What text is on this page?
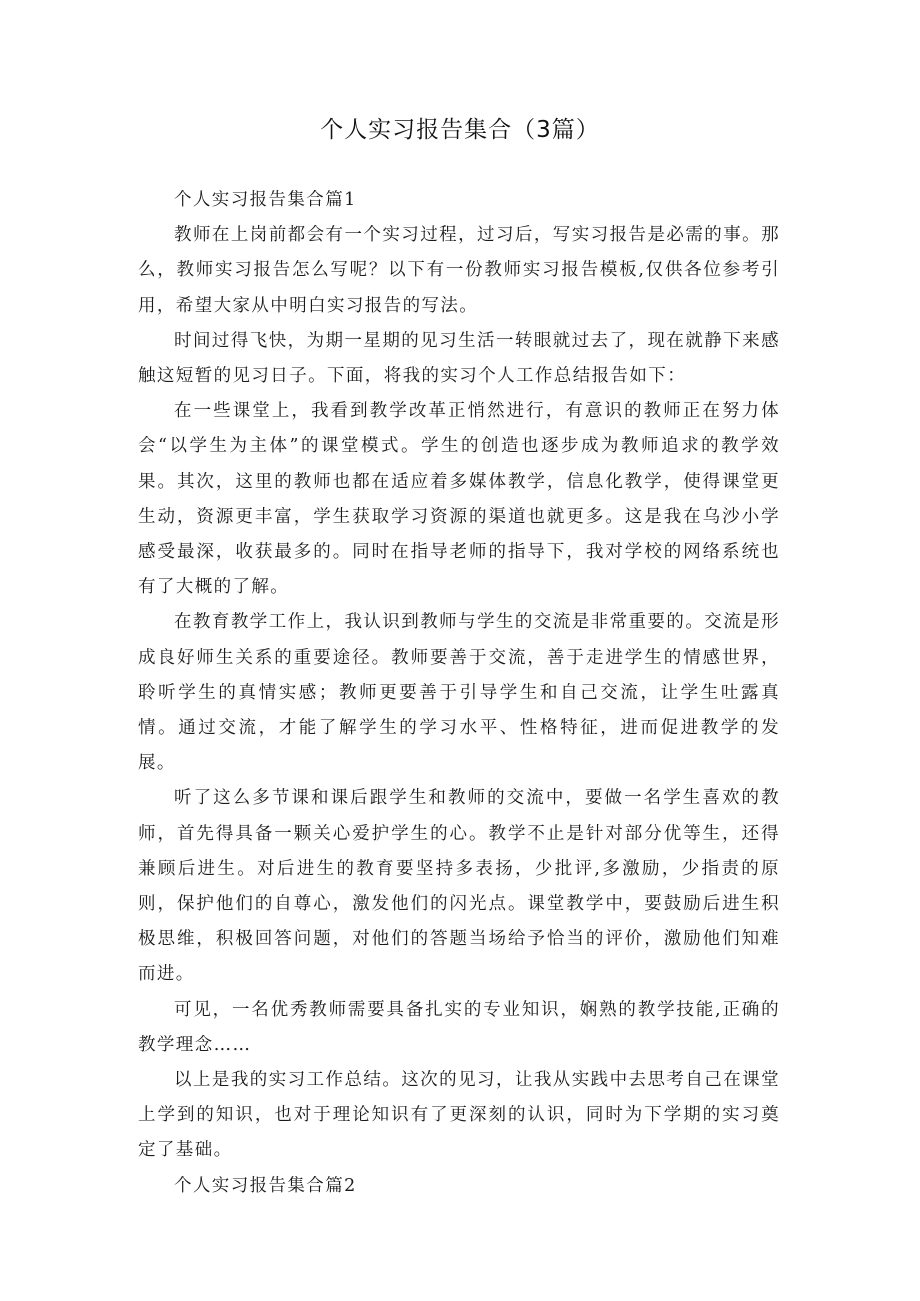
个人实习报告集合（3篇）

个人实习报告集合篇1

教师在上岗前都会有一个实习过程，过习后，写实习报告是必需的事。那么，教师实习报告怎么写呢？以下有一份教师实习报告模板,仅供各位参考引用，希望大家从中明白实习报告的写法。

时间过得飞快，为期一星期的见习生活一转眼就过去了，现在就静下来感触这短暂的见习日子。下面，将我的实习个人工作总结报告如下：

在一些课堂上，我看到教学改革正悄然进行，有意识的教师正在努力体会“以学生为主体”的课堂模式。学生的创造也逐步成为教师追求的教学效果。其次，这里的教师也都在适应着多媒体教学，信息化教学，使得课堂更生动，资源更丰富，学生获取学习资源的渠道也就更多。这是我在乌沙小学感受最深，收获最多的。同时在指导老师的指导下，我对学校的网络系统也有了大概的了解。

在教育教学工作上，我认识到教师与学生的交流是非常重要的。交流是形成良好师生关系的重要途径。教师要善于交流，善于走进学生的情感世界，聆听学生的真情实感；教师更要善于引导学生和自己交流，让学生吐露真情。通过交流，才能了解学生的学习水平、性格特征，进而促进教学的发展。

听了这么多节课和课后跟学生和教师的交流中，要做一名学生喜欢的教师，首先得具备一颗关心爱护学生的心。教学不止是针对部分优等生，还得兼顾后进生。对后进生的教育要坚持多表扬，少批评,多激励，少指责的原则，保护他们的自尊心，激发他们的闪光点。课堂教学中，要鼓励后进生积极思维，积极回答问题，对他们的答题当场给予恰当的评价，激励他们知难而进。

可见，一名优秀教师需要具备扎实的专业知识，娴熟的教学技能,正确的教学理念……

以上是我的实习工作总结。这次的见习，让我从实践中去思考自己在课堂上学到的知识，也对于理论知识有了更深刻的认识，同时为下学期的实习奠定了基础。

个人实习报告集合篇2
